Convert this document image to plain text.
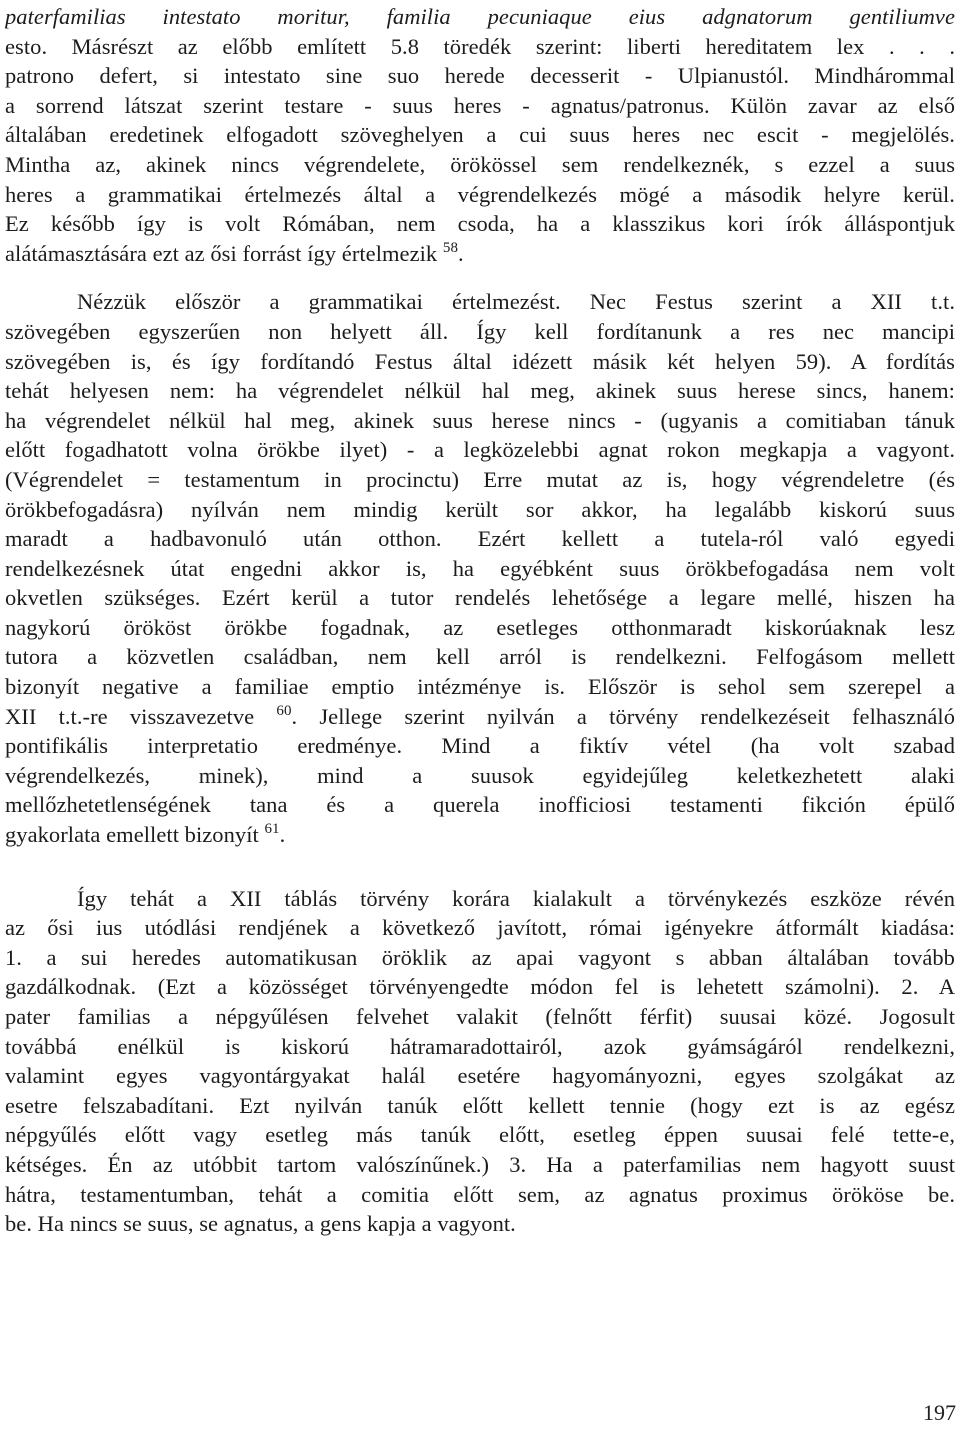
paterfamilias intestato moritur, familia pecuniaque eius adgnatorum gentiliumve
esto. Másrészt az előbb említett 5.8 töredék szerint: liberti hereditatem lex . . .
patrono defert, si intestato sine suo herede decesserit - Ulpianustól. Mindhárommal
a sorrend látszat szerint testare - suus heres - agnatus/patronus. Külön zavar az első
általában eredetinek elfogadott szöveghelyen a cui suus heres nec escit - megjelölés.
Mintha az, akinek nincs végrendelete, örökössel sem rendelkeznék, s ezzel a suus
heres a grammatikai értelmezés által a végrendelkezés mögé a második helyre kerül.
Ez később így is volt Rómában, nem csoda, ha a klasszikus kori írók álláspontjuk
alátámasztására ezt az ősi forrást így értelmezik $^{58}$.
Nézzük először a grammatikai értelmezést. Nec Festus szerint a XII t.t.
szövegében egyszerűen non helyett áll. Így kell fordítanunk a res nec mancipi
szövegében is, és így fordítandó Festus által idézett másik két helyen 59). A fordítás
tehát helyesen nem: ha végrendelet nélkül hal meg, akinek suus herese sincs, hanem:
ha végrendelet nélkül hal meg, akinek suus herese nincs - (ugyanis a comitiaban tánuk
előtt fogadhatott volna örökbe ilyet) - a legközelebbi agnat rokon megkapja a vagyont.
(Végrendelet = testamentum in procinctu) Erre mutat az is, hogy végrendeletre (és
örökbefogadásra) nyílván nem mindig került sor akkor, ha legalább kiskorú suus
maradt a hadbavonuló után otthon. Ezért kellett a tutela-ról való egyedi
rendelkezésnek útat engedni akkor is, ha egyébként suus örökbefogadása nem volt
okvetlen szükséges. Ezért kerül a tutor rendelés lehetősége a legare mellé, hiszen ha
nagykorú örököst örökbe fogadnak, az esetleges otthonmaradt kiskorúaknak lesz
tutora a közvetlen családban, nem kell arról is rendelkezni. Felfogásom mellett
bizonyít negative a familiae emptio intézménye is. Először is sehol sem szerepel a
XII t.t.-re visszavezetve $^{60}$. Jellege szerint nyilván a törvény rendelkezéseit felhasználó
pontifikális interpretatio eredménye. Mind a fiktív vétel (ha volt szabad
végrendelkezés, minek), mind a suusok egyidejűleg keletkezhetett alaki
mellőzhetetlenségének tana és a querela inofficiosi testamenti fikción épülő
gyakorlata emellett bizonyít $^{61}$.
Így tehát a XII táblás törvény korára kialakult a törvénykezés eszköze révén
az ősi ius utódlási rendjének a következő javított, római igényekre átformált kiadása:
1. a sui heredes automatikusan öröklik az apai vagyont s abban általában tovább
gazdálkodnak. (Ezt a közösséget törvényengedte módon fel is lehetett számolni). 2. A
pater familias a népgyűlésen felvehet valakit (felnőtt férfit) suusai közé. Jogosult
továbbá enélkül is kiskorú hátramaradottairól, azok gyámságáról rendelkezni,
valamint egyes vagyontárgyakat halál esetére hagyományozni, egyes szolgákat az
esetre felszabadítani. Ezt nyilván tanúk előtt kellett tennie (hogy ezt is az egész
népgyűlés előtt vagy esetleg más tanúk előtt, esetleg éppen suusai felé tette-e,
kétséges. Én az utóbbit tartom valószínűnek.) 3. Ha a paterfamilias nem hagyott suust
hátra, testamentumban, tehát a comitia előtt sem, az agnatus proximus örököse be.
be. Ha nincs se suus, se agnatus, a gens kapja a vagyont.
197
